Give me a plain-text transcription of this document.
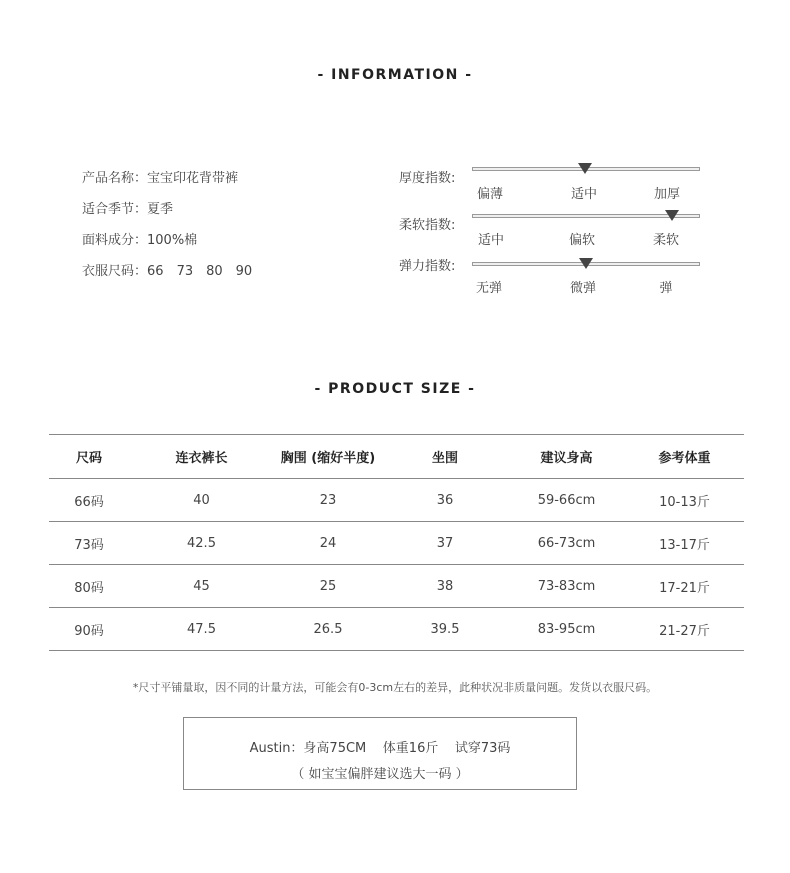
- INFORMATION -
产品名称：宝宝印花背带裤
适合季节：夏季
面料成分：100%棉
衣服尺码：66 73 80 90
厚度指数:
偏薄	适中	加厚
柔软指数:
适中	偏软	柔软
弹力指数:
无弹	微弹	弹
- PRODUCT SIZE -
尺码	连衣裤长	胸围 (缩好半度)	坐围	建议身高	参考体重
66码	40	23	36	59-66cm	10-13斤
73码	42.5	24	37	66-73cm	13-17斤
80码	45	25	38	73-83cm	17-21斤
90码	47.5	26.5	39.5	83-95cm	21-27斤
*尺寸平铺量取，因不同的计量方法，可能会有0-3cm左右的差异，此种状况非质量问题。发货以衣服尺码。
Austin：身高75CM    体重16斤    试穿73码
（ 如宝宝偏胖建议选大一码 ）
